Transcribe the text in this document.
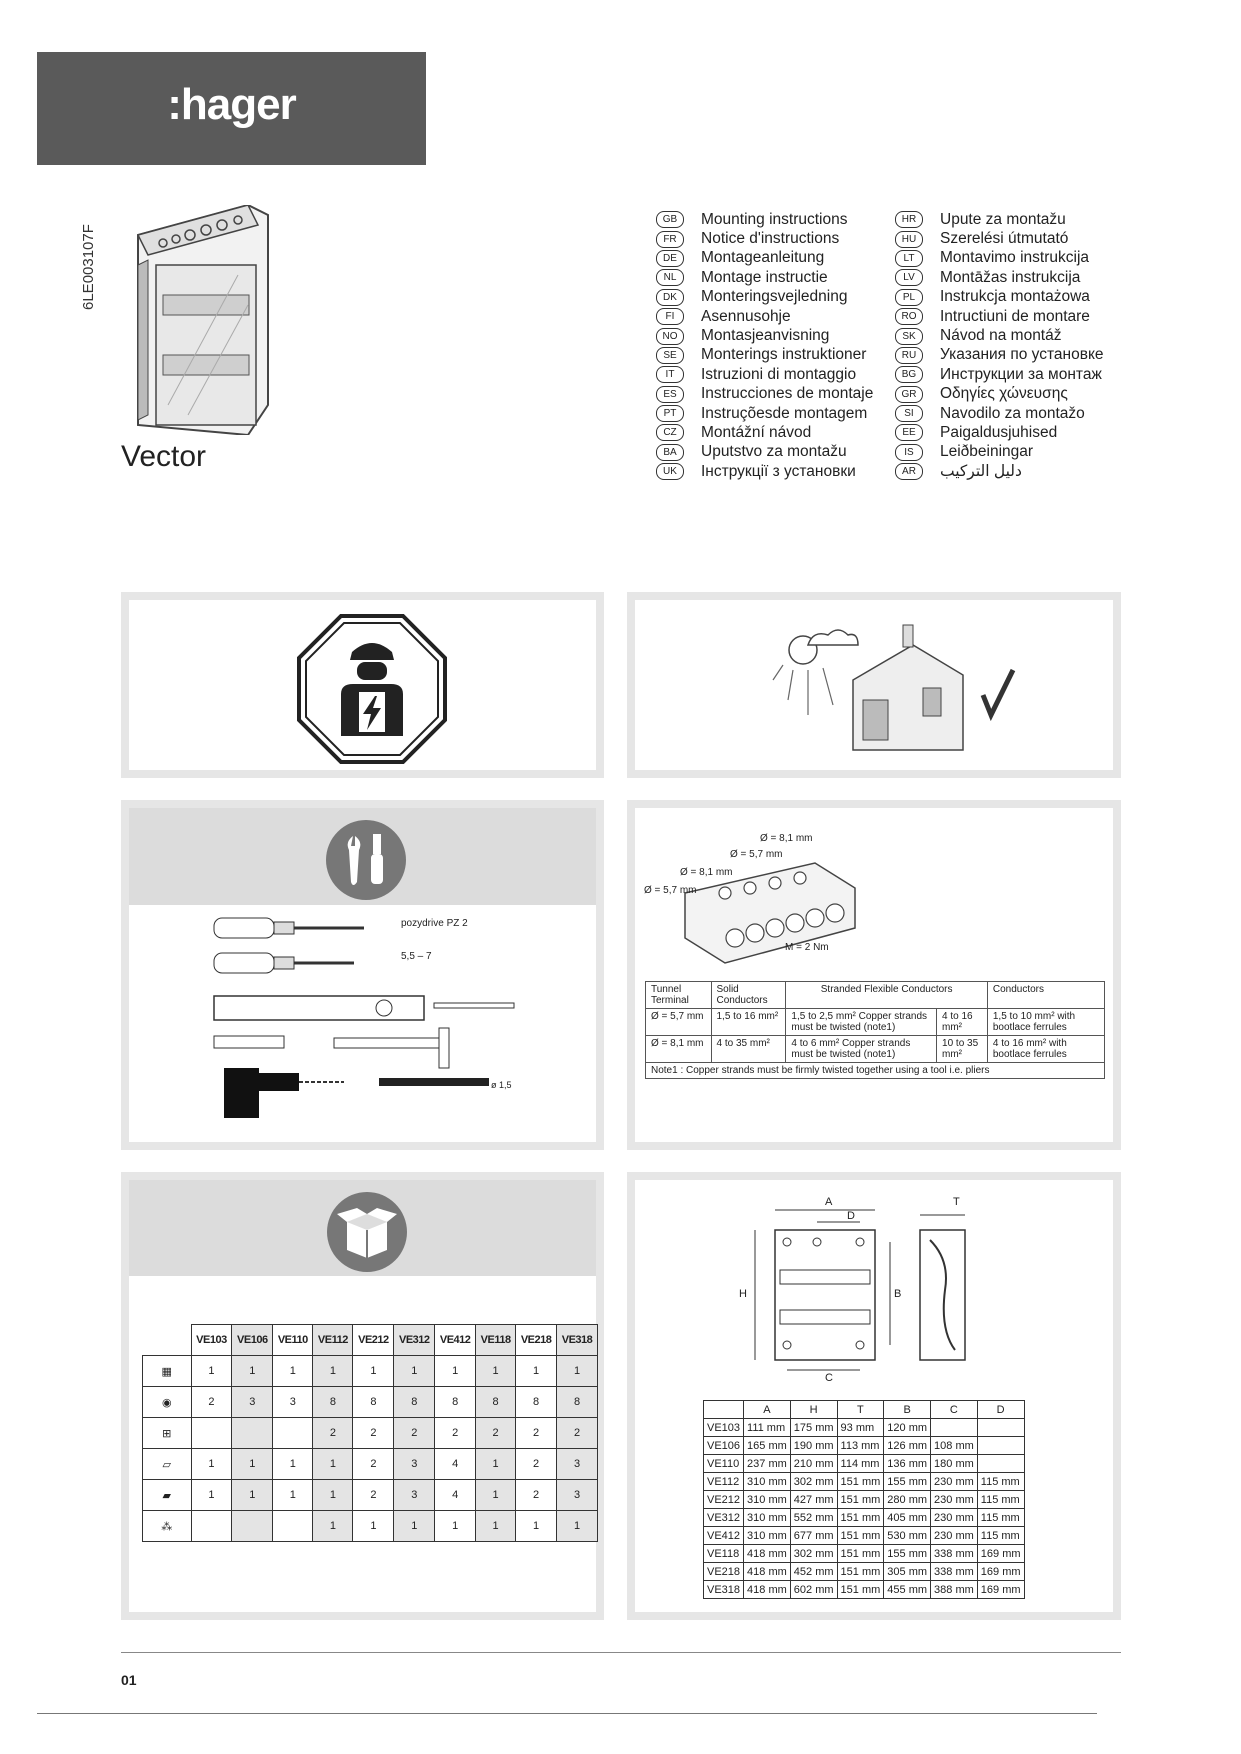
:hager
6LE003107F
Vector
GB	Mounting instructions
FR	Notice d'instructions
DE	Montageanleitung
NL	Montage instructie
DK	Monteringsvejledning
FI	Asennusohje
NO	Montasjeanvisning
SE	Monterings instruktioner
IT	Istruzioni di montaggio
ES	Instrucciones de montaje
PT	Instruçõesde montagem
CZ	Montážní návod
BA	Uputstvo za montažu
UK	Інструкції з установки
HR	Upute za montažu
HU	Szerelési útmutató
LT	Montavimo instrukcija
LV	Montāžas instrukcija
PL	Instrukcja montażowa
RO	Intructiuni de montare
SK	Návod na montáž
RU	Указания по установке
BG	Инструкции за монтаж
GR	Οδηγίες χώνευσης
SI	Navodilo za montažo
EE	Paigaldusjuhised
IS	Leiðbeiningar
AR	دليل التركيب
pozydrive PZ 2
5,5 – 7
ø 1,5
Ø = 8,1 mm
Ø = 5,7 mm
Ø = 8,1 mm
Ø = 5,7 mm
M = 2 Nm
Tunnel Terminal	Solid Conductors	Stranded Flexible Conductors		Conductors
Ø = 5,7 mm	1,5 to 16 mm²	1,5 to 2,5 mm² Copper strands must be twisted (note1)	4 to 16 mm²	1,5 to 10 mm² with bootlace ferrules
Ø = 8,1 mm	4 to 35 mm²	4 to 6 mm² Copper strands must be twisted (note1)	10 to 35 mm²	4 to 16 mm² with bootlace ferrules
Note1 : Copper strands must be firmly twisted together using a tool i.e. pliers				
	VE103	VE106	VE110	VE112	VE212	VE312	VE412	VE118	VE218	VE318
▦	1	1	1	1	1	1	1	1	1	1
◉	2	3	3	8	8	8	8	8	8	8
⊞				2	2	2	2	2	2	2
▱	1	1	1	1	2	3	4	1	2	3
▰	1	1	1	1	2	3	4	1	2	3
⁂				1	1	1	1	1	1	1
A
D
T
H	B
C
	A	H	T	B	C	D
VE103	111 mm	175 mm	93 mm	120 mm		
VE106	165 mm	190 mm	113 mm	126 mm	108 mm	
VE110	237 mm	210 mm	114 mm	136 mm	180 mm	
VE112	310 mm	302 mm	151 mm	155 mm	230 mm	115 mm
VE212	310 mm	427 mm	151 mm	280 mm	230 mm	115 mm
VE312	310 mm	552 mm	151 mm	405 mm	230 mm	115 mm
VE412	310 mm	677 mm	151 mm	530 mm	230 mm	115 mm
VE118	418 mm	302 mm	151 mm	155 mm	338 mm	169 mm
VE218	418 mm	452 mm	151 mm	305 mm	338 mm	169 mm
VE318	418 mm	602 mm	151 mm	455 mm	388 mm	169 mm
01
